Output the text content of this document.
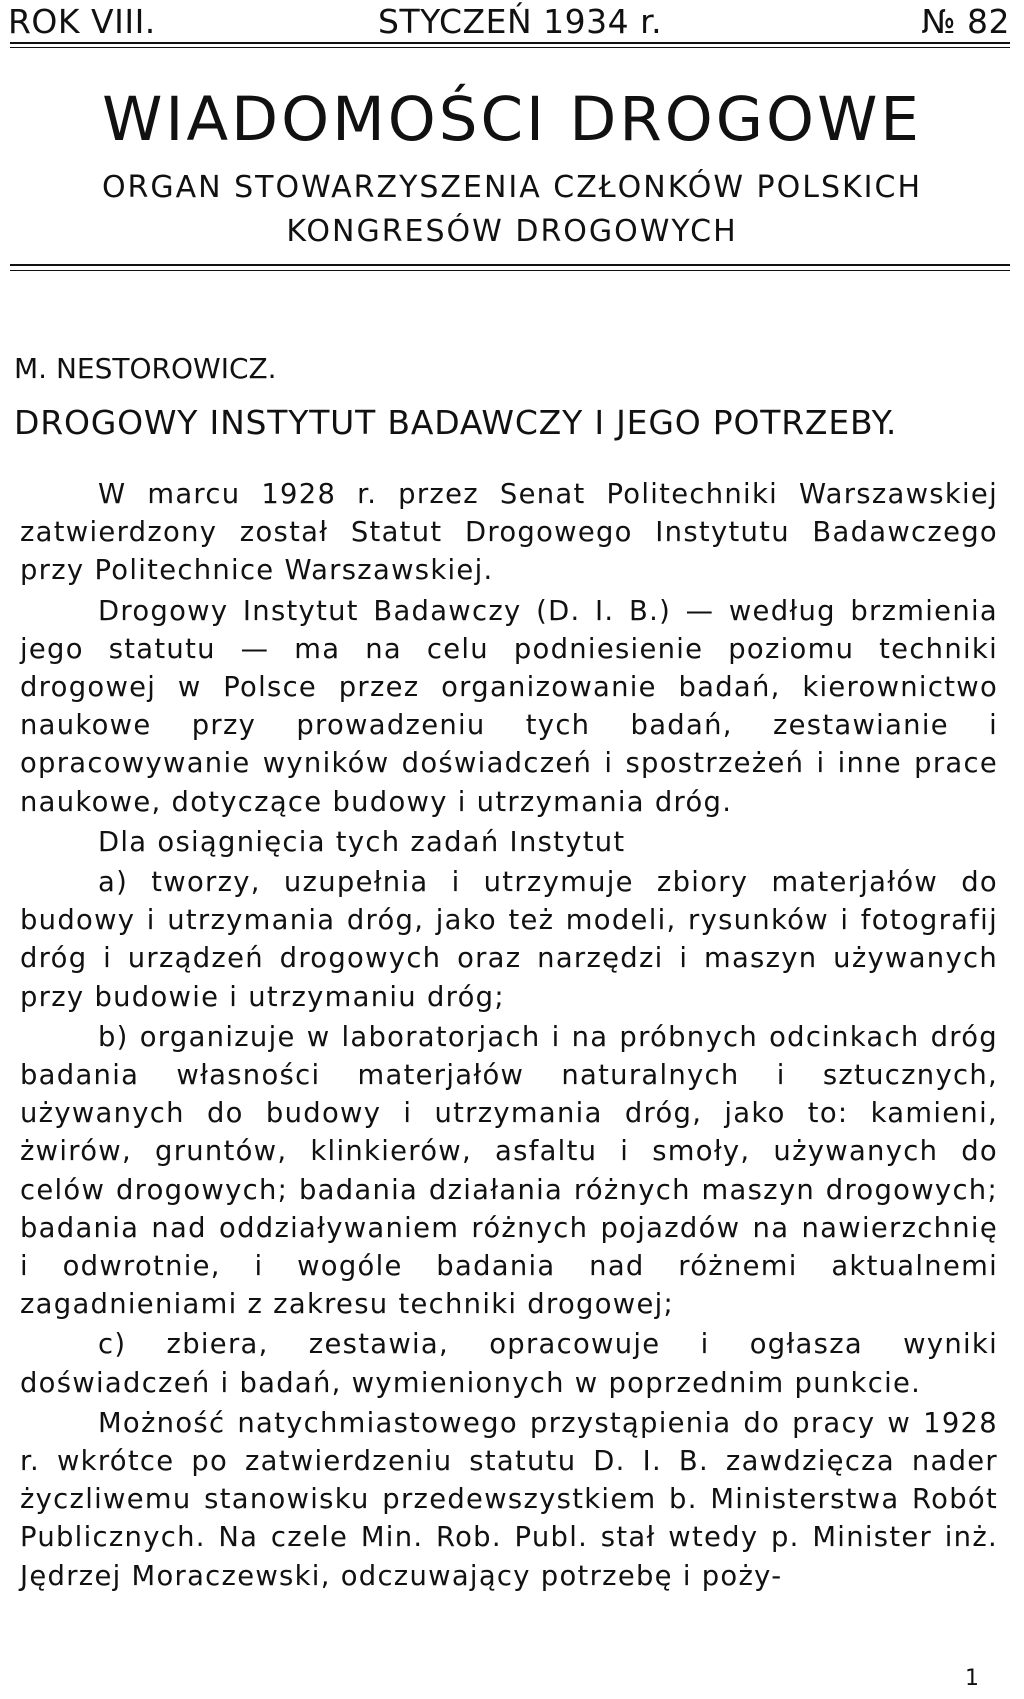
ROK VIII.	STYCZEŃ 1934 r.	№ 82
WIADOMOŚCI DROGOWE
ORGAN STOWARZYSZENIA CZŁONKÓW POLSKICH
KONGRESÓW DROGOWYCH
M. NESTOROWICZ.
DROGOWY INSTYTUT BADAWCZY I JEGO POTRZEBY.

W marcu 1928 r. przez Senat Politechniki Warszawskiej zatwierdzony został Statut Drogowego Instytutu Badawczego przy Politechnice Warszawskiej.

Drogowy Instytut Badawczy (D. I. B.) — według brzmienia jego statutu — ma na celu podniesienie poziomu techniki drogowej w Polsce przez organizowanie badań, kierownictwo naukowe przy prowadzeniu tych badań, zestawianie i opracowywanie wyników doświadczeń i spostrzeżeń i inne prace naukowe, dotyczące budowy i utrzymania dróg.

Dla osiągnięcia tych zadań Instytut

a) tworzy, uzupełnia i utrzymuje zbiory materjałów do budowy i utrzymania dróg, jako też modeli, rysunków i fotografij dróg i urządzeń drogowych oraz narzędzi i maszyn używanych przy budowie i utrzymaniu dróg;

b) organizuje w laboratorjach i na próbnych odcinkach dróg badania własności materjałów naturalnych i sztucznych, używanych do budowy i utrzymania dróg, jako to: kamieni, żwirów, gruntów, klinkierów, asfaltu i smoły, używanych do celów drogowych; badania działania różnych maszyn drogowych; badania nad oddziaływaniem różnych pojazdów na nawierzchnię i odwrotnie, i wogóle badania nad różnemi aktualnemi zagadnieniami z zakresu techniki drogowej;

c) zbiera, zestawia, opracowuje i ogłasza wyniki doświadczeń i badań, wymienionych w poprzednim punkcie.

Możność natychmiastowego przystąpienia do pracy w 1928 r. wkrótce po zatwierdzeniu statutu D. I. B. zawdzięcza nader życzliwemu stanowisku przedewszystkiem b. Ministerstwa Robót Publicznych. Na czele Min. Rob. Publ. stał wtedy p. Minister inż. Jędrzej Moraczewski, odczuwający potrzebę i poży-

1
